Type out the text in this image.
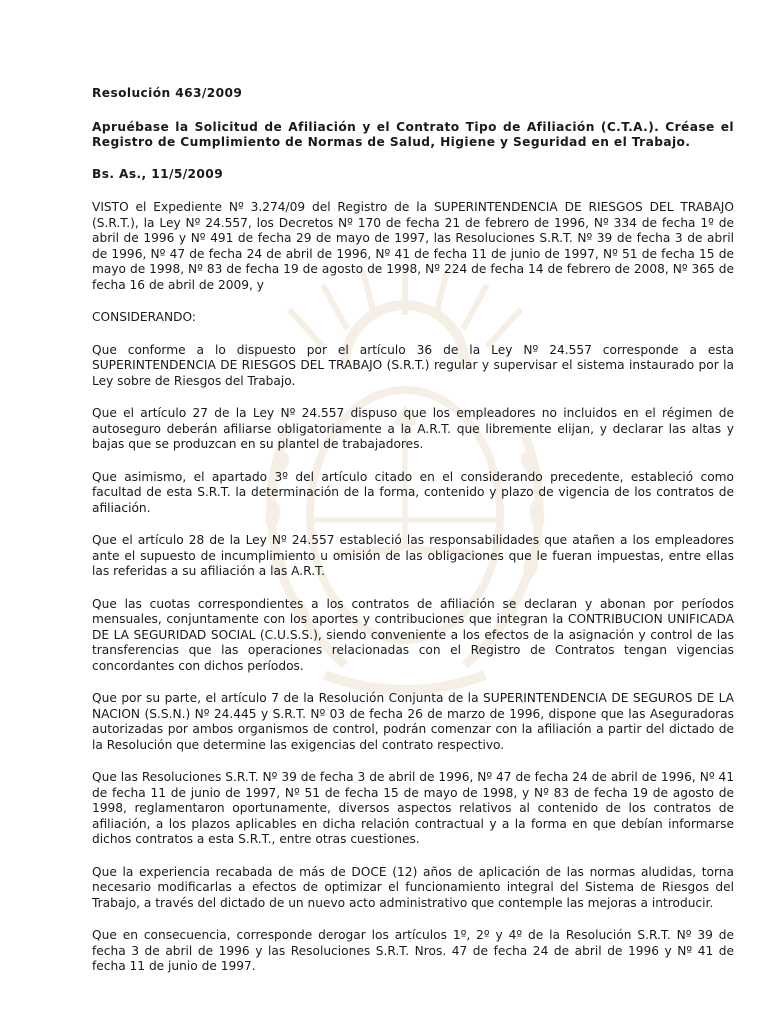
Resolución 463/2009
Apruébase la Solicitud de Afiliación y el Contrato Tipo de Afiliación (C.T.A.). Créase el Registro de Cumplimiento de Normas de Salud, Higiene y Seguridad en el Trabajo.
Bs. As., 11/5/2009

VISTO el Expediente Nº 3.274/09 del Registro de la SUPERINTENDENCIA DE RIESGOS DEL TRABAJO (S.R.T.), la Ley Nº 24.557, los Decretos Nº 170 de fecha 21 de febrero de 1996, Nº 334 de fecha 1º de abril de 1996 y Nº 491 de fecha 29 de mayo de 1997, las Resoluciones S.R.T. Nº 39 de fecha 3 de abril de 1996, Nº 47 de fecha 24 de abril de 1996, Nº 41 de fecha 11 de junio de 1997, Nº 51 de fecha 15 de mayo de 1998, Nº 83 de fecha 19 de agosto de 1998, Nº 224 de fecha 14 de febrero de 2008, Nº 365 de fecha 16 de abril de 2009, y

CONSIDERANDO:

Que conforme a lo dispuesto por el artículo 36 de la Ley Nº 24.557 corresponde a esta SUPERINTENDENCIA DE RIESGOS DEL TRABAJO (S.R.T.) regular y supervisar el sistema instaurado por la Ley sobre de Riesgos del Trabajo.

Que el artículo 27 de la Ley Nº 24.557 dispuso que los empleadores no incluidos en el régimen de autoseguro deberán afiliarse obligatoriamente a la A.R.T. que libremente elijan, y declarar las altas y bajas que se produzcan en su plantel de trabajadores.

Que asimismo, el apartado 3º del artículo citado en el considerando precedente, estableció como facultad de esta S.R.T. la determinación de la forma, contenido y plazo de vigencia de los contratos de afiliación.

Que el artículo 28 de la Ley Nº 24.557 estableció las responsabilidades que atañen a los empleadores ante el supuesto de incumplimiento u omisión de las obligaciones que le fueran impuestas, entre ellas las referidas a su afiliación a las A.R.T.

Que las cuotas correspondientes a los contratos de afiliación se declaran y abonan por períodos mensuales, conjuntamente con los aportes y contribuciones que integran la CONTRIBUCION UNIFICADA DE LA SEGURIDAD SOCIAL (C.U.S.S.), siendo conveniente a los efectos de la asignación y control de las transferencias que las operaciones relacionadas con el Registro de Contratos tengan vigencias concordantes con dichos períodos.

Que por su parte, el artículo 7 de la Resolución Conjunta de la SUPERINTENDENCIA DE SEGUROS DE LA NACION (S.S.N.) Nº 24.445 y S.R.T. Nº 03 de fecha 26 de marzo de 1996, dispone que las Aseguradoras autorizadas por ambos organismos de control, podrán comenzar con la afiliación a partir del dictado de la Resolución que determine las exigencias del contrato respectivo.

Que las Resoluciones S.R.T. Nº 39 de fecha 3 de abril de 1996, Nº 47 de fecha 24 de abril de 1996, Nº 41 de fecha 11 de junio de 1997, Nº 51 de fecha 15 de mayo de 1998, y Nº 83 de fecha 19 de agosto de 1998, reglamentaron oportunamente, diversos aspectos relativos al contenido de los contratos de afiliación, a los plazos aplicables en dicha relación contractual y a la forma en que debían informarse dichos contratos a esta S.R.T., entre otras cuestiones.

Que la experiencia recabada de más de DOCE (12) años de aplicación de las normas aludidas, torna necesario modificarlas a efectos de optimizar el funcionamiento integral del Sistema de Riesgos del Trabajo, a través del dictado de un nuevo acto administrativo que contemple las mejoras a introducir.

Que en consecuencia, corresponde derogar los artículos 1º, 2º y 4º de la Resolución S.R.T. Nº 39 de fecha 3 de abril de 1996 y las Resoluciones S.R.T. Nros. 47 de fecha 24 de abril de 1996 y Nº 41 de fecha 11 de junio de 1997.
